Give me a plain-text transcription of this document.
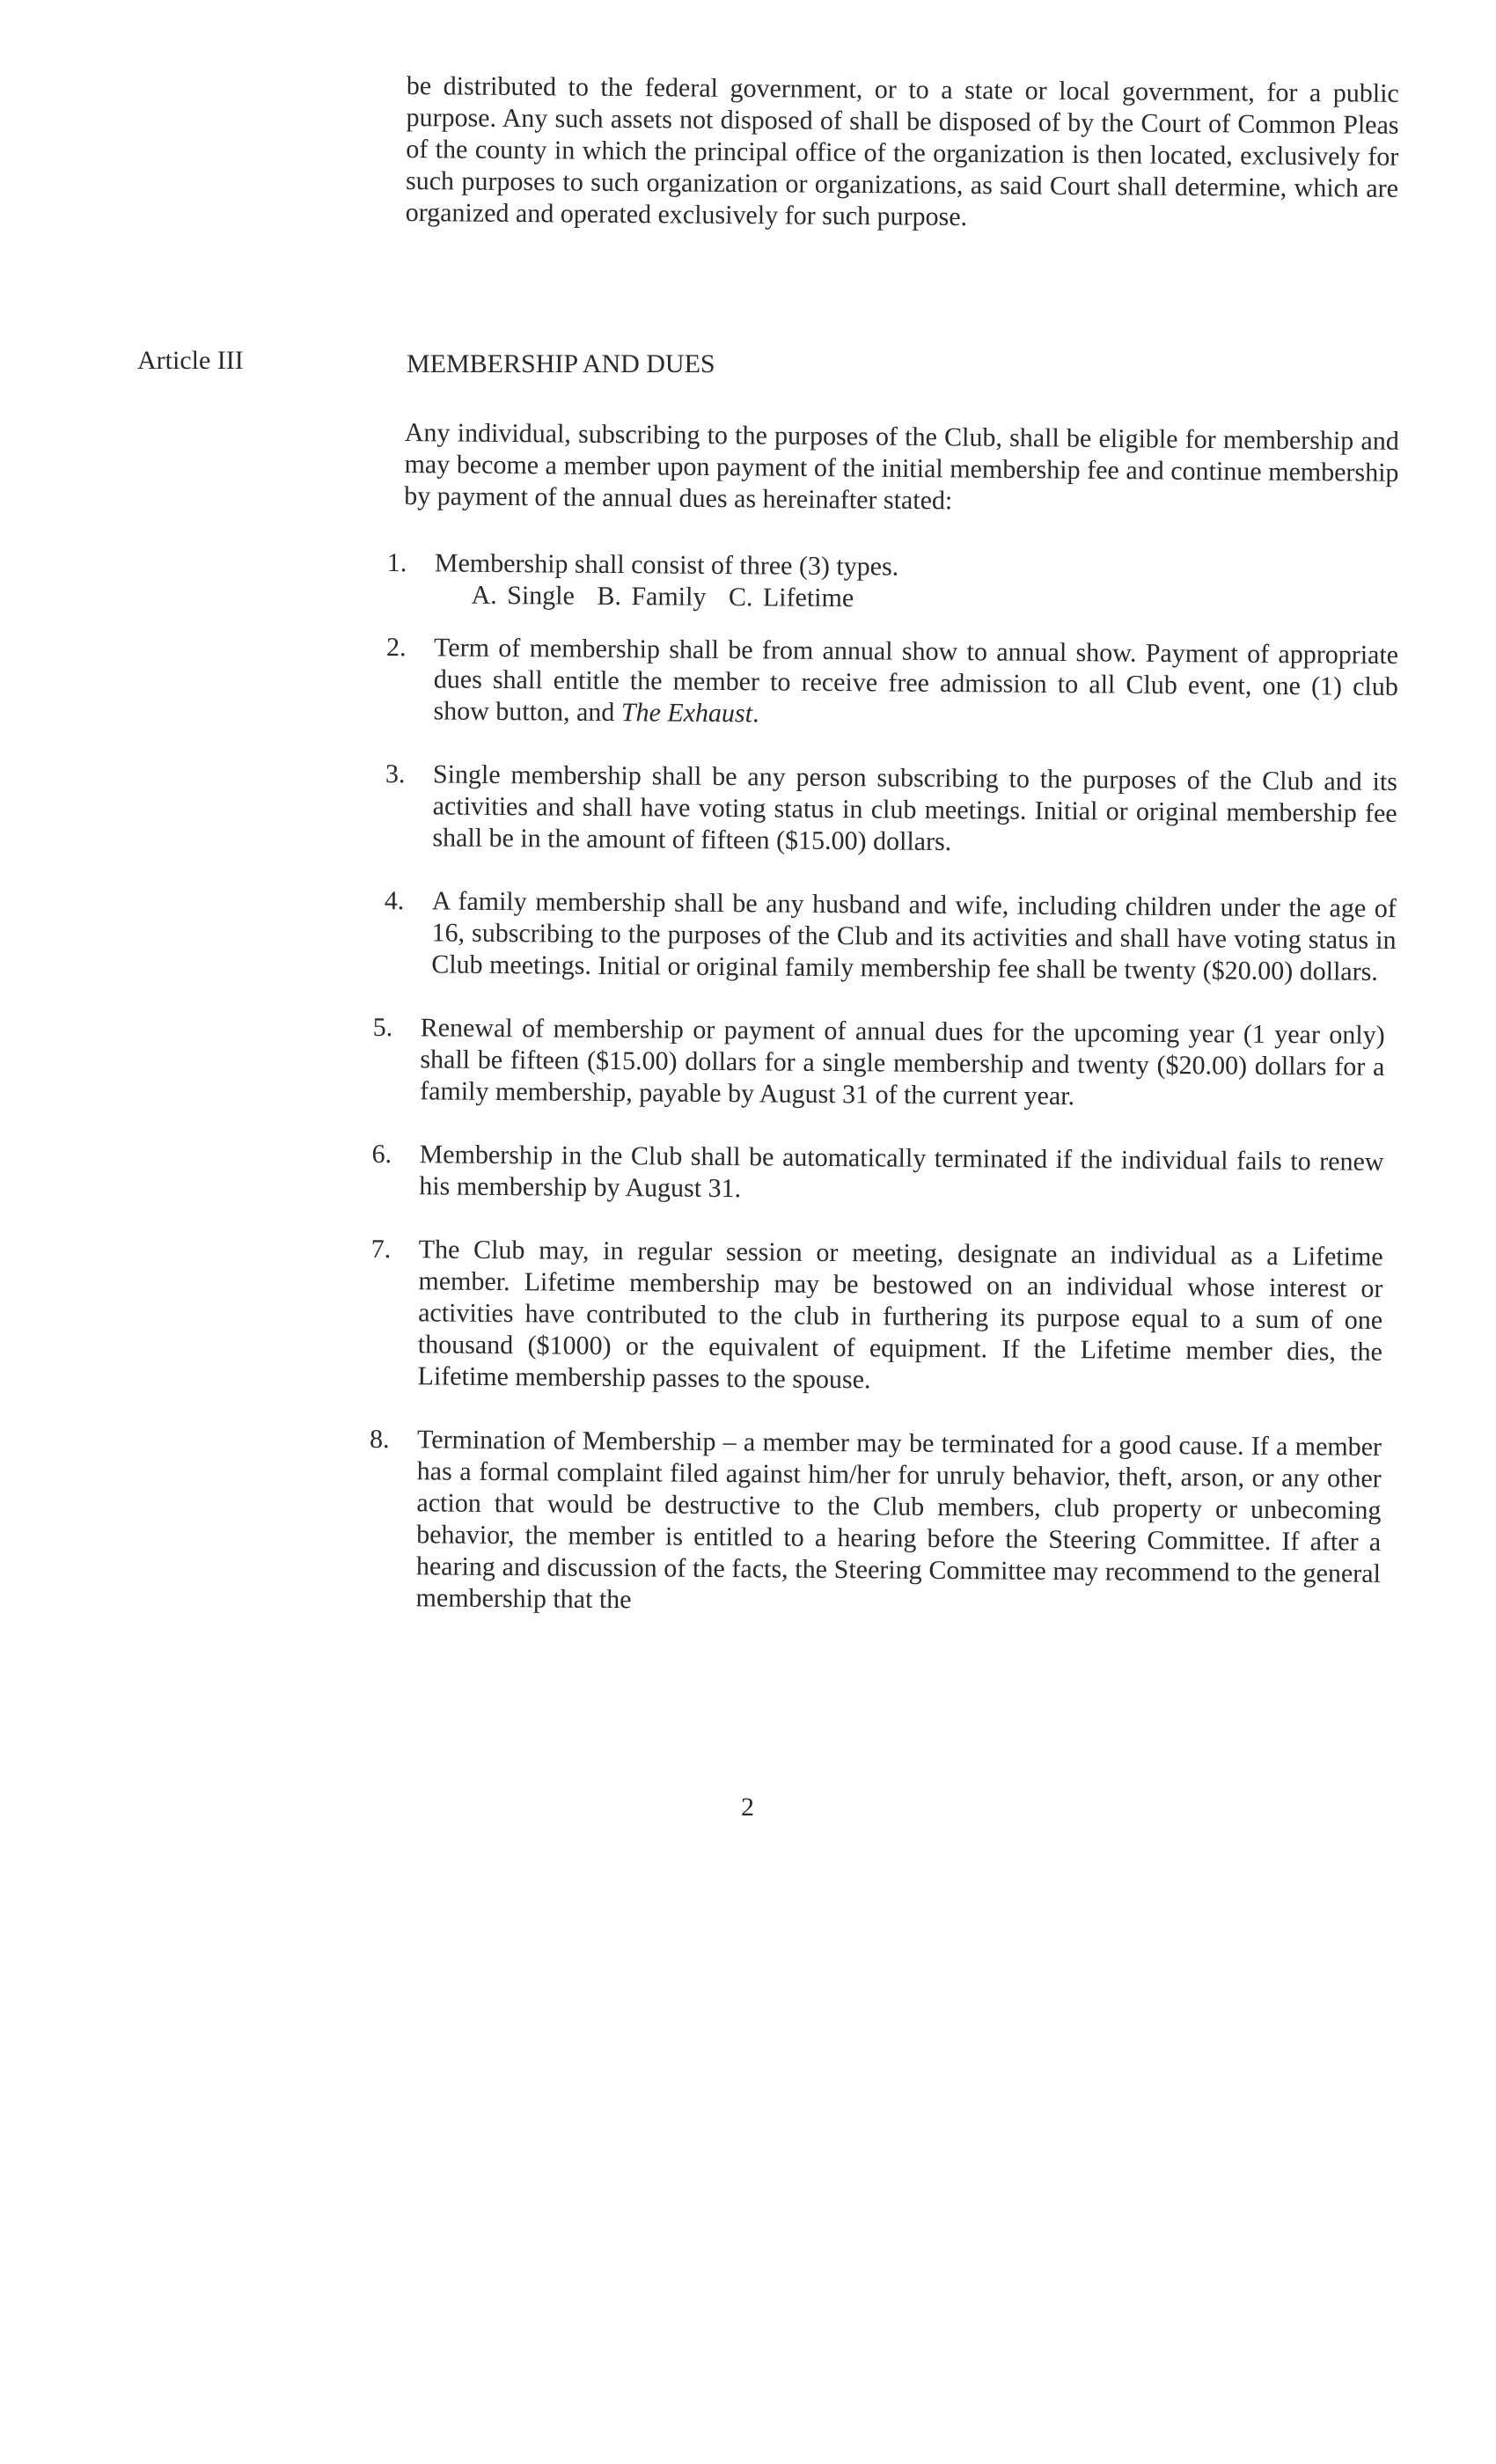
be distributed to the federal government, or to a state or local government, for a public purpose. Any such assets not disposed of shall be disposed of by the Court of Common Pleas of the county in which the principal office of the organization is then located, exclusively for such purposes to such organization or organizations, as said Court shall determine, which are organized and operated exclusively for such purpose.

Article III	MEMBERSHIP AND DUES

Any individual, subscribing to the purposes of the Club, shall be eligible for membership and may become a member upon payment of the initial membership fee and continue membership by payment of the annual dues as hereinafter stated:

1. Membership shall consist of three (3) types.
A. Single B. Family C. Lifetime
2. Term of membership shall be from annual show to annual show. Payment of appropriate dues shall entitle the member to receive free admission to all Club event, one (1) club show button, and The Exhaust.
3. Single membership shall be any person subscribing to the purposes of the Club and its activities and shall have voting status in club meetings. Initial or original membership fee shall be in the amount of fifteen ($15.00) dollars.
4. A family membership shall be any husband and wife, including children under the age of 16, subscribing to the purposes of the Club and its activities and shall have voting status in Club meetings. Initial or original family membership fee shall be twenty ($20.00) dollars.
5. Renewal of membership or payment of annual dues for the upcoming year (1 year only) shall be fifteen ($15.00) dollars for a single membership and twenty ($20.00) dollars for a family membership, payable by August 31 of the current year.
6. Membership in the Club shall be automatically terminated if the individual fails to renew his membership by August 31.
7. The Club may, in regular session or meeting, designate an individual as a Lifetime member. Lifetime membership may be bestowed on an individual whose interest or activities have contributed to the club in furthering its purpose equal to a sum of one thousand ($1000) or the equivalent of equipment. If the Lifetime member dies, the Lifetime membership passes to the spouse.
8. Termination of Membership – a member may be terminated for a good cause. If a member has a formal complaint filed against him/her for unruly behavior, theft, arson, or any other action that would be destructive to the Club members, club property or unbecoming behavior, the member is entitled to a hearing before the Steering Committee. If after a hearing and discussion of the facts, the Steering Committee may recommend to the general membership that the
2
